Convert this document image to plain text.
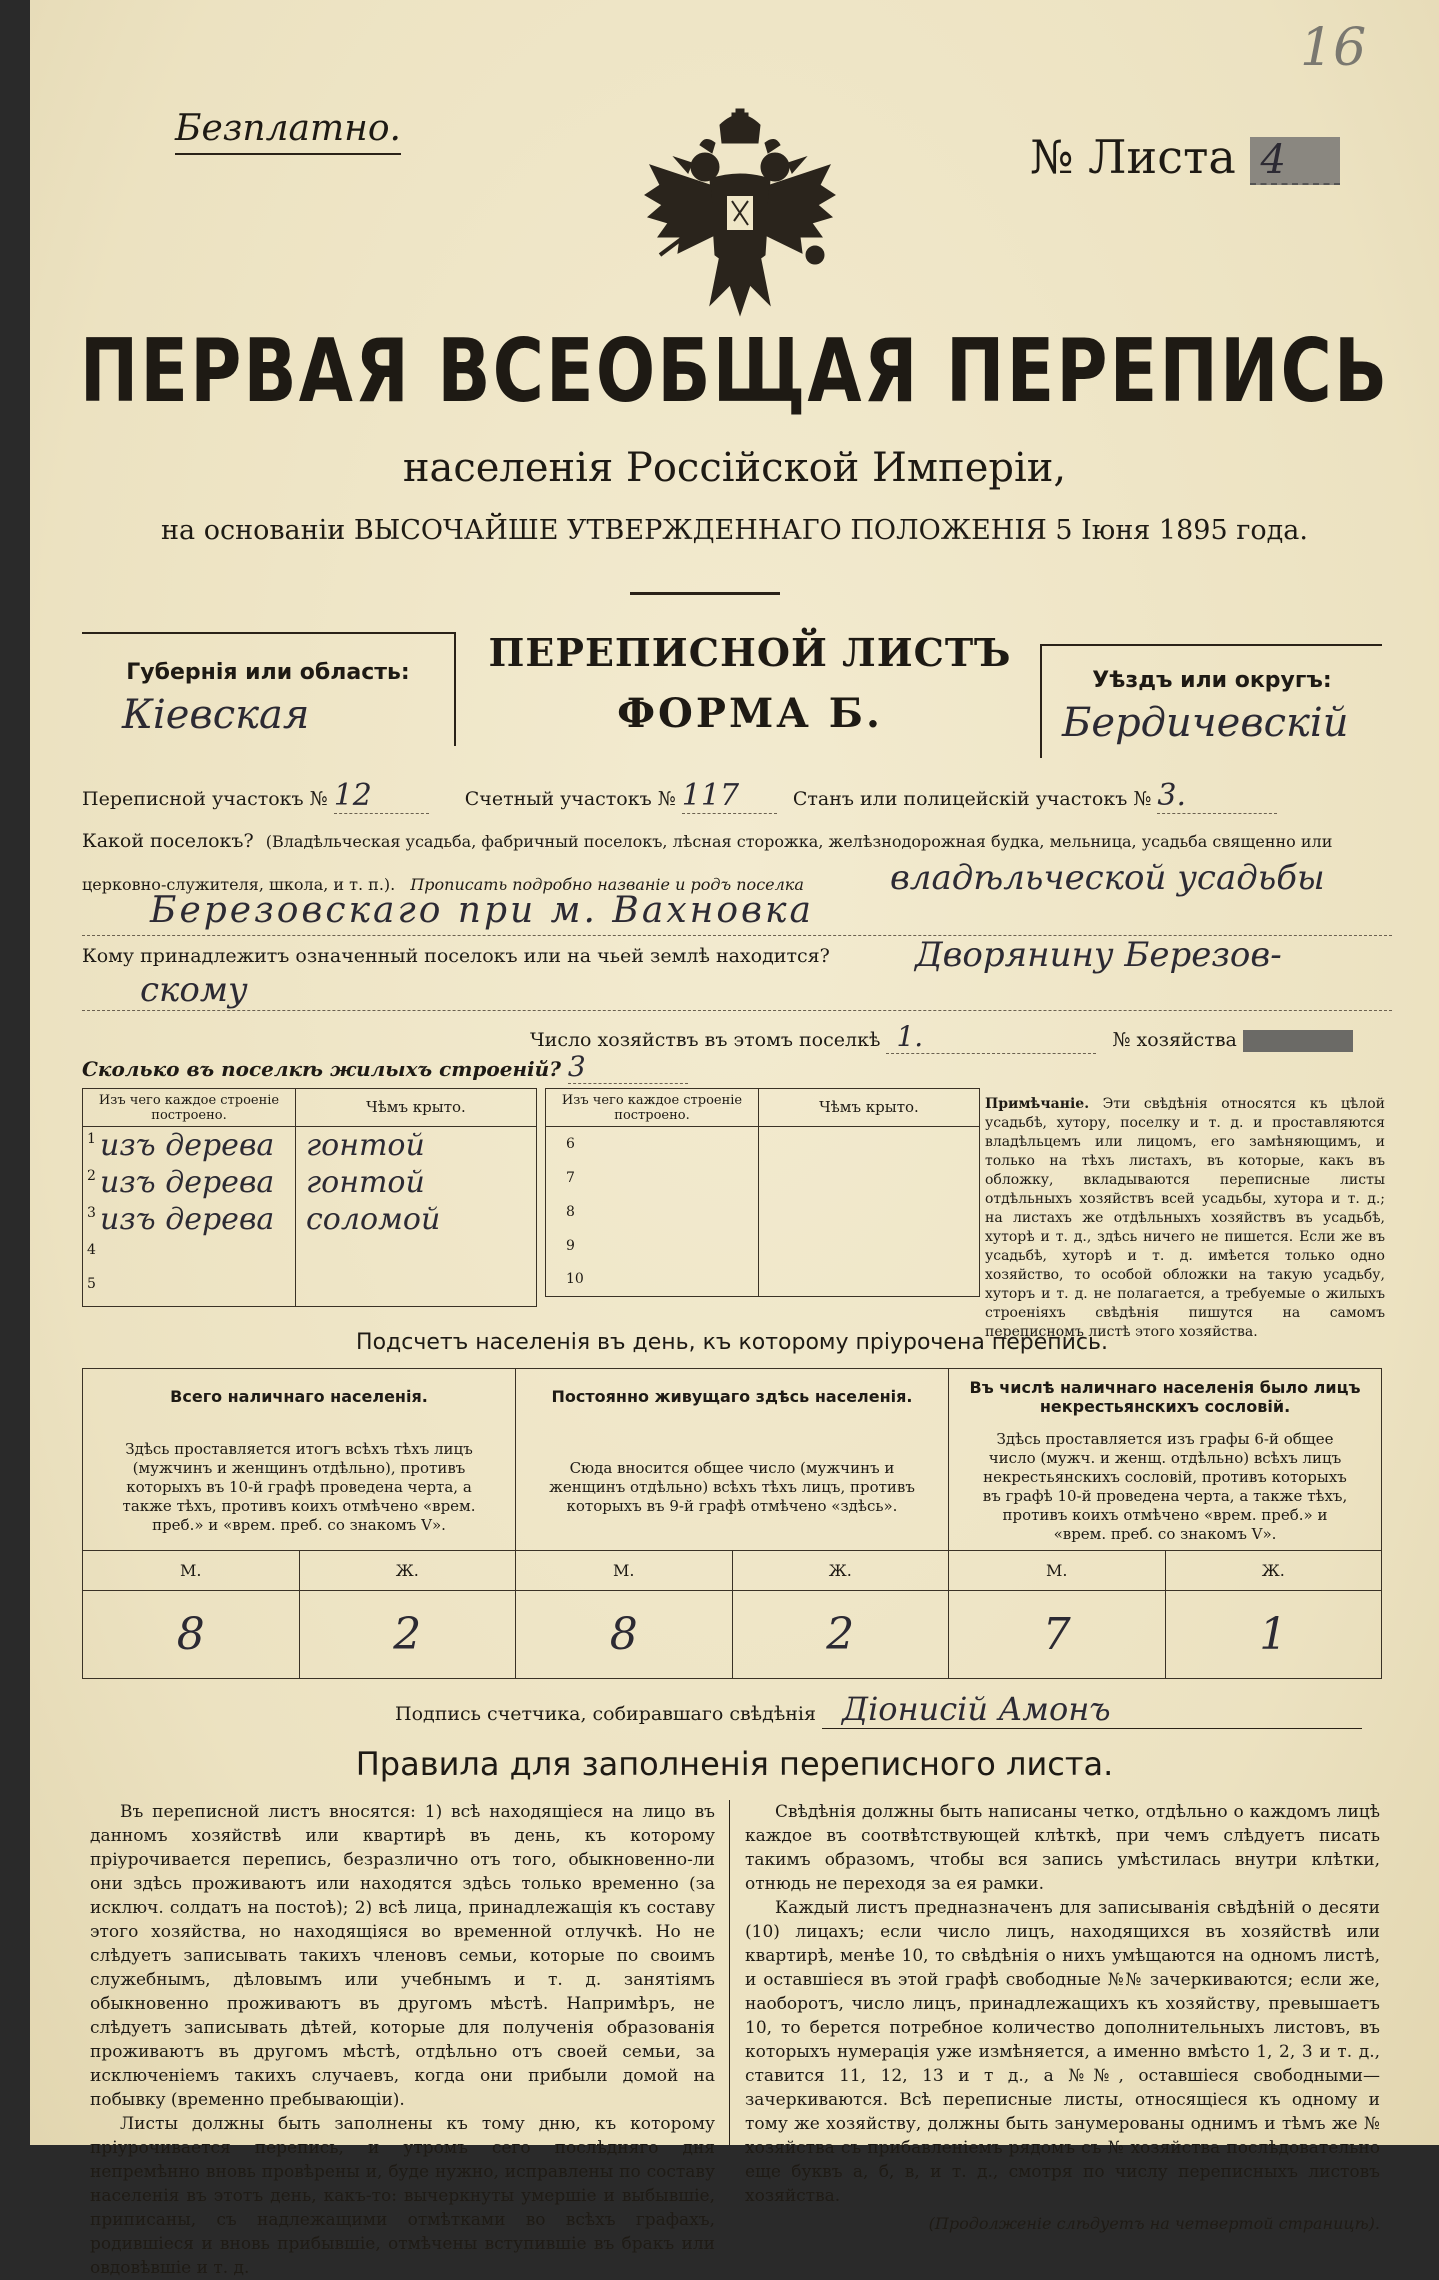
16
Безплатно.
№ Листа 4
ПЕРВАЯ ВСЕОБЩАЯ ПЕРЕПИСЬ
населенія Россійской Имперіи,
на основаніи ВЫСОЧАЙШЕ УТВЕРЖДЕННАГО ПОЛОЖЕНІЯ 5 Іюня 1895 года.
Губернія или область:
Кіевская
ПЕРЕПИСНОЙ ЛИСТЪ
ФОРМА Б.
Уѣздъ или округъ:
Бердичевскій
Переписной участокъ № 12	Счетный участокъ № 117	Станъ или полицейскій участокъ № 3.
Какой поселокъ? (Владѣльческая усадьба, фабричный поселокъ, лѣсная сторожка, желѣзнодорожная будка, мельница, усадьба священно или
церковно-служителя, школа, и т. п.). Прописать подробно названіе и родъ поселка	владѣльческой усадьбы
Березовскаго при м. Вахновка
Кому принадлежитъ означенный поселокъ или на чьей землѣ находится?	Дворянину Березов-
скому
Число хозяйствъ въ этомъ поселкѣ 1.	№ хозяйства
Сколько въ поселкѣ жилыхъ строеній? 3
Изъ чего каждое строеніе построено.	Чѣмъ крыто.

1 изъ дерева	гонтой

2 изъ дерева	гонтой

3 изъ дерева	соломой

4	

5	

Изъ чего каждое строеніе построено.	Чѣмъ крыто.
6	
7	
8	
9	
10	
Примѣчаніе. Эти свѣдѣнія относятся къ цѣлой усадьбѣ, хутору, поселку и т. д. и проставляются владѣльцемъ или лицомъ, его замѣняющимъ, и только на тѣхъ листахъ, въ которые, какъ въ обложку, вкладываются переписные листы отдѣльныхъ хозяйствъ всей усадьбы, хутора и т. д.; на листахъ же отдѣльныхъ хозяйствъ въ усадьбѣ, хуторѣ и т. д., здѣсь ничего не пишется. Если же въ усадьбѣ, хуторѣ и т. д. имѣется только одно хозяйство, то особой обложки на такую усадьбу, хуторъ и т. д. не полагается, а требуемые о жилыхъ строеніяхъ свѣдѣнія пишутся на самомъ переписномъ листѣ этого хозяйства.
Подсчетъ населенія въ день, къ которому пріурочена перепись.
Всего наличнаго населенія.		Постоянно живущаго здѣсь населенія.		Въ числѣ наличнаго населенія было лицъ некрестьянскихъ сословій.	
Здѣсь проставляется итогъ всѣхъ тѣхъ лицъ (мужчинъ и женщинъ отдѣльно), противъ которыхъ въ 10-й графѣ проведена черта, а также тѣхъ, противъ коихъ отмѣчено «врем. преб.» и «врем. преб. со знакомъ V».		Сюда вносится общее число (мужчинъ и женщинъ отдѣльно) всѣхъ тѣхъ лицъ, противъ которыхъ въ 9-й графѣ отмѣчено «здѣсь».		Здѣсь проставляется изъ графы 6-й общее число (мужч. и женщ. отдѣльно) всѣхъ лицъ некрестьянскихъ сословій, противъ которыхъ въ графѣ 10-й проведена черта, а также тѣхъ, противъ коихъ отмѣчено «врем. преб.» и «врем. преб. со знакомъ V».	
М.	Ж.	М.	Ж.	М.	Ж.
8	2	8	2	7	1
Подпись счетчика, собиравшаго свѣдѣнія Діонисій Амонъ
Правила для заполненія переписного листа.

Въ переписной листъ вносятся: 1) всѣ находящіеся на лицо въ данномъ хозяйствѣ или квартирѣ въ день, къ которому пріурочивается перепись, безразлично отъ того, обыкновенно-ли они здѣсь проживаютъ или находятся здѣсь только временно (за исключ. солдатъ на постоѣ); 2) всѣ лица, принадлежащія къ составу этого хозяйства, но находящіяся во временной отлучкѣ. Но не слѣдуетъ записывать такихъ членовъ семьи, которые по своимъ служебнымъ, дѣловымъ или учебнымъ и т. д. занятіямъ обыкновенно проживаютъ въ другомъ мѣстѣ. Напримѣръ, не слѣдуетъ записывать дѣтей, которые для полученія образованія проживаютъ въ другомъ мѣстѣ, отдѣльно отъ своей семьи, за исключеніемъ такихъ случаевъ, когда они прибыли домой на побывку (временно пребывающіи).

Листы должны быть заполнены къ тому дню, къ которому пріурочивается перепись, и утромъ сего послѣдняго дня непремѣнно вновь провѣрены и, буде нужно, исправлены по составу населенія въ этотъ день, какъ-то: вычеркнуты умершіе и выбывшіе, приписаны, съ надлежащими отмѣтками во всѣхъ графахъ, родившіеся и вновь прибывшіе, отмѣчены вступившіе въ бракъ или овдовѣвшіе и т. д.

Свѣдѣнія должны быть написаны четко, отдѣльно о каждомъ лицѣ каждое въ соотвѣтствующей клѣткѣ, при чемъ слѣдуетъ писать такимъ образомъ, чтобы вся запись умѣстилась внутри клѣтки, отнюдь не переходя за ея рамки.

Каждый листъ предназначенъ для записыванія свѣдѣній о десяти (10) лицахъ; если число лицъ, находящихся въ хозяйствѣ или квартирѣ, менѣе 10, то свѣдѣнія о нихъ умѣщаются на одномъ листѣ, и оставшіеся въ этой графѣ свободные №№ зачеркиваются; если же, наоборотъ, число лицъ, принадлежащихъ къ хозяйству, превышаетъ 10, то берется потребное количество дополнительныхъ листовъ, въ которыхъ нумерація уже измѣняется, а именно вмѣсто 1, 2, 3 и т. д., ставится 11, 12, 13 и т д., а №№, оставшіеся свободными—зачеркиваются. Всѣ переписные листы, относящіеся къ одному и тому же хозяйству, должны быть занумерованы однимъ и тѣмъ же № хозяйства съ прибавленіемъ рядомъ съ № хозяйства послѣдовательно еще буквъ а, б, в, и т. д., смотря по числу переписныхъ листовъ хозяйства.

(Продолженіе слѣдуетъ на четвертой страницѣ).
